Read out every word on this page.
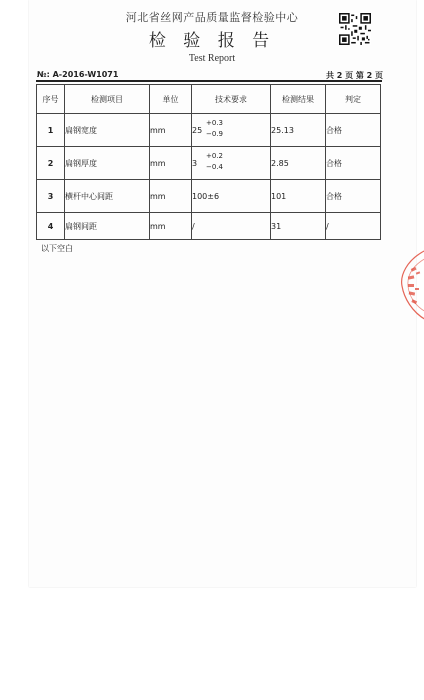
河北省丝网产品质量监督检验中心
检 验 报 告
Test Report
№: A-2016-W1071	共 2 页 第 2 页
序号	检测项目	单位	技术要求	检测结果	判定
1	扁钢宽度	mm	25
+0.3
−0.9	25.13	合格
2	扁钢厚度	mm	3
+0.2
−0.4	2.85	合格
3	横杆中心间距	mm	100±6	101	合格
4	扁钢间距	mm	/	31	/
以下空白
